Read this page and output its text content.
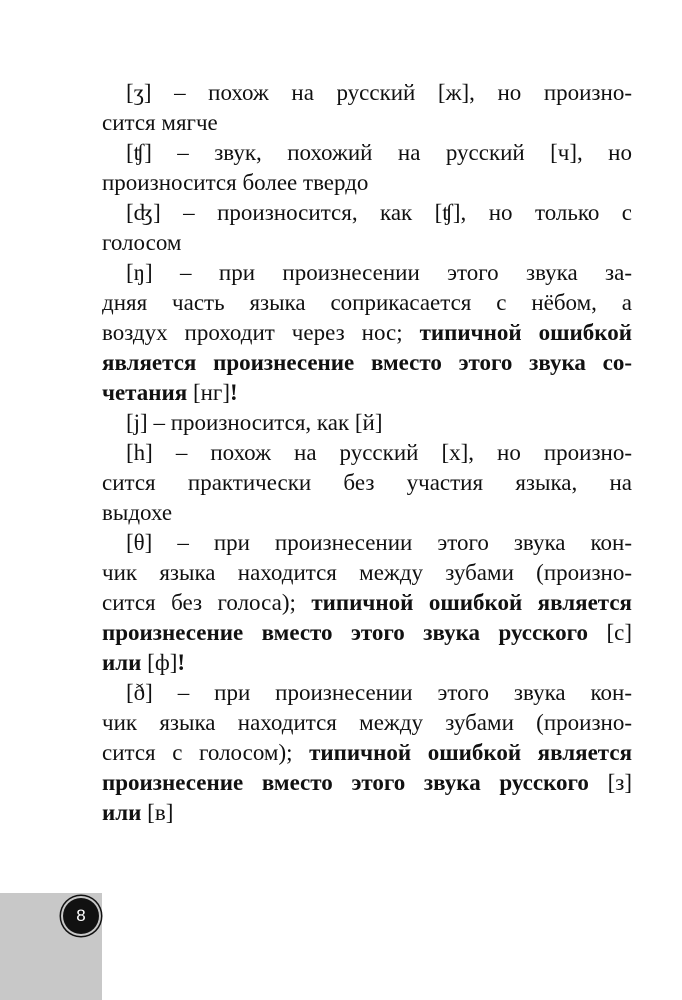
[ʒ] – похож на русский [ж], но произно-
сится мягче
[ʧ] – звук, похожий на русский [ч], но
произносится более твердо
[ʤ] – произносится, как [ʧ], но только с
голосом
[ŋ] – при произнесении этого звука за-
дняя часть языка соприкасается с нёбом, а
воздух проходит через нос; типичной ошибкой
является произнесение вместо этого звука со-
четания [нг]!
[j] – произносится, как [й]
[h] – похож на русский [х], но произно-
сится практически без участия языка, на
выдохе
[θ] – при произнесении этого звука кон-
чик языка находится между зубами (произно-
сится без голоса); типичной ошибкой является
произнесение вместо этого звука русского [с]
или [ф]!
[ð] – при произнесении этого звука кон-
чик языка находится между зубами (произно-
сится с голосом); типичной ошибкой является
произнесение вместо этого звука русского [з]
или [в]
8
